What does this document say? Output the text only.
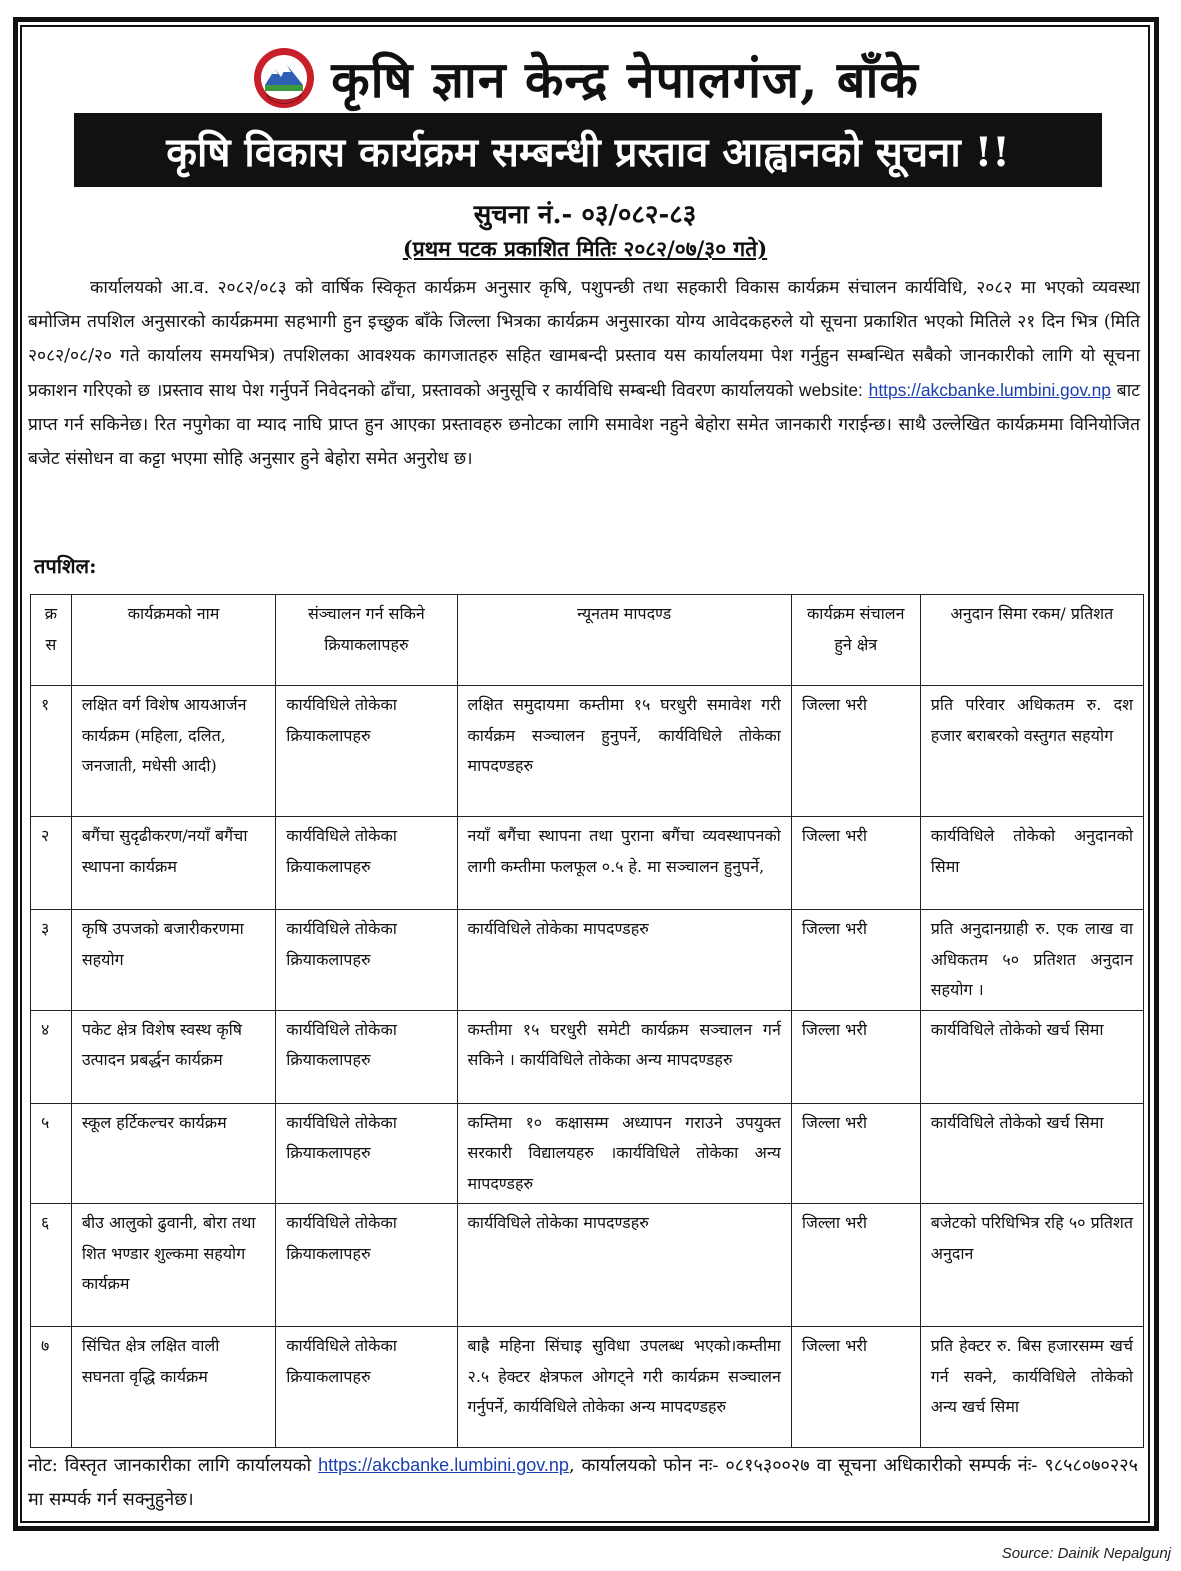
कृषि ज्ञान केन्द्र नेपालगंज, बाँके
कृषि विकास कार्यक्रम सम्बन्धी प्रस्ताव आह्वानको सूचना !!
सुचना नं.- ०३/०८२-८३
(प्रथम पटक प्रकाशित मितिः २०८२/०७/३० गते)
कार्यालयको आ.व. २०८२/०८३ को वार्षिक स्विकृत कार्यक्रम अनुसार कृषि, पशुपन्छी तथा सहकारी विकास कार्यक्रम संचालन कार्यविधि, २०८२ मा भएको व्यवस्था बमोजिम तपशिल अनुसारको कार्यक्रममा सहभागी हुन इच्छुक बाँके जिल्ला भित्रका कार्यक्रम अनुसारका योग्य आवेदकहरुले यो सूचना प्रकाशित भएको मितिले २१ दिन भित्र (मिति २०८२/०८/२० गते कार्यालय समयभित्र) तपशिलका आवश्यक कागजातहरु सहित खामबन्दी प्रस्ताव यस कार्यालयमा पेश गर्नुहुन सम्बन्धित सबैको जानकारीको लागि यो सूचना प्रकाशन गरिएको छ ।प्रस्ताव साथ पेश गर्नुपर्ने निवेदनको ढाँचा, प्रस्तावको अनुसूचि र कार्यविधि सम्बन्धी विवरण कार्यालयको website: https://akcbanke.lumbini.gov.np बाट प्राप्त गर्न सकिनेछ। रित नपुगेका वा म्याद नाघि प्राप्त हुन आएका प्रस्तावहरु छनोटका लागि समावेश नहुने बेहोरा समेत जानकारी गराईन्छ। साथै उल्लेखित कार्यक्रममा विनियोजित बजेट संसोधन वा कट्टा भएमा सोहि अनुसार हुने बेहोरा समेत अनुरोध छ।
तपशिल:
क्र स	कार्यक्रमको नाम	संञ्चालन गर्न सकिने क्रियाकलापहरु	न्यूनतम मापदण्ड	कार्यक्रम संचालन हुने क्षेत्र	अनुदान सिमा रकम/ प्रतिशत
१	लक्षित वर्ग विशेष आयआर्जन कार्यक्रम (महिला, दलित, जनजाती, मधेसी आदी)	कार्यविधिले तोकेका क्रियाकलापहरु	लक्षित समुदायमा कम्तीमा १५ घरधुरी समावेश गरी कार्यक्रम सञ्चालन हुनुपर्ने, कार्यविधिले तोकेका मापदण्डहरु	जिल्ला भरी	प्रति परिवार अधिकतम रु. दश हजार बराबरको वस्तुगत सहयोग
२	बगैंचा सुदृढीकरण/नयाँ बगैंचा स्थापना कार्यक्रम	कार्यविधिले तोकेका क्रियाकलापहरु	नयाँ बगैंचा स्थापना तथा पुराना बगैंचा व्यवस्थापनको लागी कम्तीमा फलफूल ०.५ हे. मा सञ्चालन हुनुपर्ने,	जिल्ला भरी	कार्यविधिले तोकेको अनुदानको सिमा
३	कृषि उपजको बजारीकरणमा सहयोग	कार्यविधिले तोकेका क्रियाकलापहरु	कार्यविधिले तोकेका मापदण्डहरु	जिल्ला भरी	प्रति अनुदानग्राही रु. एक लाख वा अधिकतम ५० प्रतिशत अनुदान सहयोग ।
४	पकेट क्षेत्र विशेष स्वस्थ कृषि उत्पादन प्रबर्द्धन कार्यक्रम	कार्यविधिले तोकेका क्रियाकलापहरु	कम्तीमा १५ घरधुरी समेटी कार्यक्रम सञ्चालन गर्न सकिने । कार्यविधिले तोकेका अन्य मापदण्डहरु	जिल्ला भरी	कार्यविधिले तोकेको खर्च सिमा
५	स्कूल हर्टिकल्चर कार्यक्रम	कार्यविधिले तोकेका क्रियाकलापहरु	कम्तिमा १० कक्षासम्म अध्यापन गराउने उपयुक्त सरकारी विद्यालयहरु ।कार्यविधिले तोकेका अन्य मापदण्डहरु	जिल्ला भरी	कार्यविधिले तोकेको खर्च सिमा
६	बीउ आलुको ढुवानी, बोरा तथा शित भण्डार शुल्कमा सहयोग कार्यक्रम	कार्यविधिले तोकेका क्रियाकलापहरु	कार्यविधिले तोकेका मापदण्डहरु	जिल्ला भरी	बजेटको परिधिभित्र रहि ५० प्रतिशत अनुदान
७	सिंचित क्षेत्र लक्षित वाली सघनता वृद्धि कार्यक्रम	कार्यविधिले तोकेका क्रियाकलापहरु	बाह्रै महिना सिंचाइ सुविधा उपलब्ध भएको।कम्तीमा २.५ हेक्टर क्षेत्रफल ओगट्ने गरी कार्यक्रम सञ्चालन गर्नुपर्ने, कार्यविधिले तोकेका अन्य मापदण्डहरु	जिल्ला भरी	प्रति हेक्टर रु. बिस हजारसम्म खर्च गर्न सक्ने, कार्यविधिले तोकेको अन्य खर्च सिमा
नोट: विस्तृत जानकारीका लागि कार्यालयको https://akcbanke.lumbini.gov.np, कार्यालयको फोन नः- ०८१५३००२७ वा सूचना अधिकारीको सम्पर्क नंः- ९८५८०७०२२५ मा सम्पर्क गर्न सक्नुहुनेछ।
Source: Dainik Nepalgunj
